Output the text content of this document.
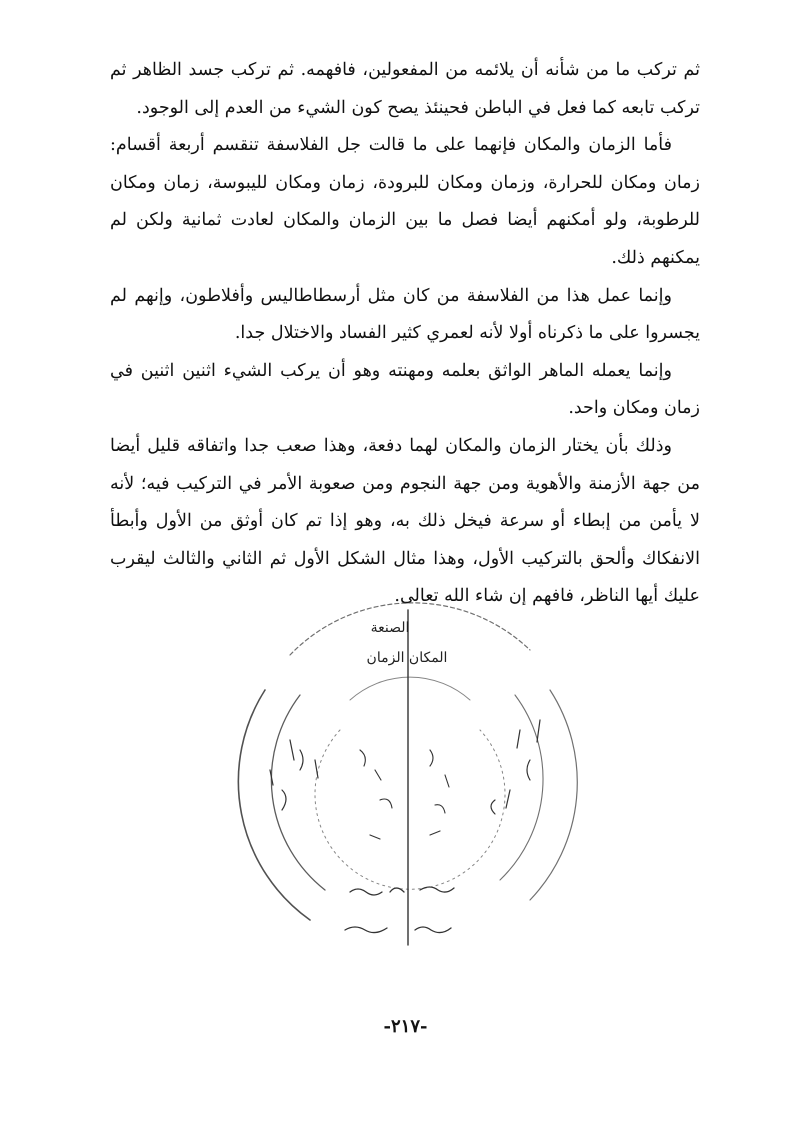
ثم تركب ما من شأنه أن يلائمه من المفعولين، فافهمه. ثم تركب جسد الظاهر ثم تركب تابعه كما فعل في الباطن فحينئذ يصح كون الشيء من العدم إلى الوجود.

فأما الزمان والمكان فإنهما على ما قالت جل الفلاسفة تنقسم أربعة أقسام: زمان ومكان للحرارة، وزمان ومكان للبرودة، زمان ومكان لليبوسة، زمان ومكان للرطوبة، ولو أمكنهم أيضا فصل ما بين الزمان والمكان لعادت ثمانية ولكن لم يمكنهم ذلك.

وإنما عمل هذا من الفلاسفة من كان مثل أرسطاطاليس وأفلاطون، وإنهم لم يجسروا على ما ذكرناه أولا لأنه لعمري كثير الفساد والاختلال جدا.

وإنما يعمله الماهر الواثق بعلمه ومهنته وهو أن يركب الشيء اثنين اثنين في زمان ومكان واحد.

وذلك بأن يختار الزمان والمكان لهما دفعة، وهذا صعب جدا واتفاقه قليل أيضا من جهة الأزمنة والأهوية ومن جهة النجوم ومن صعوبة الأمر في التركيب فيه؛ لأنه لا يأمن من إبطاء أو سرعة فيخل ذلك به، وهو إذا تم كان أوثق من الأول وأبطأ الانفكاك وألحق بالتركيب الأول، وهذا مثال الشكل الأول ثم الثاني والثالث ليقرب عليك أيها الناظر، فافهم إن شاء الله تعالى.

الصنعة
المكان الزمان
-٢١٧-
